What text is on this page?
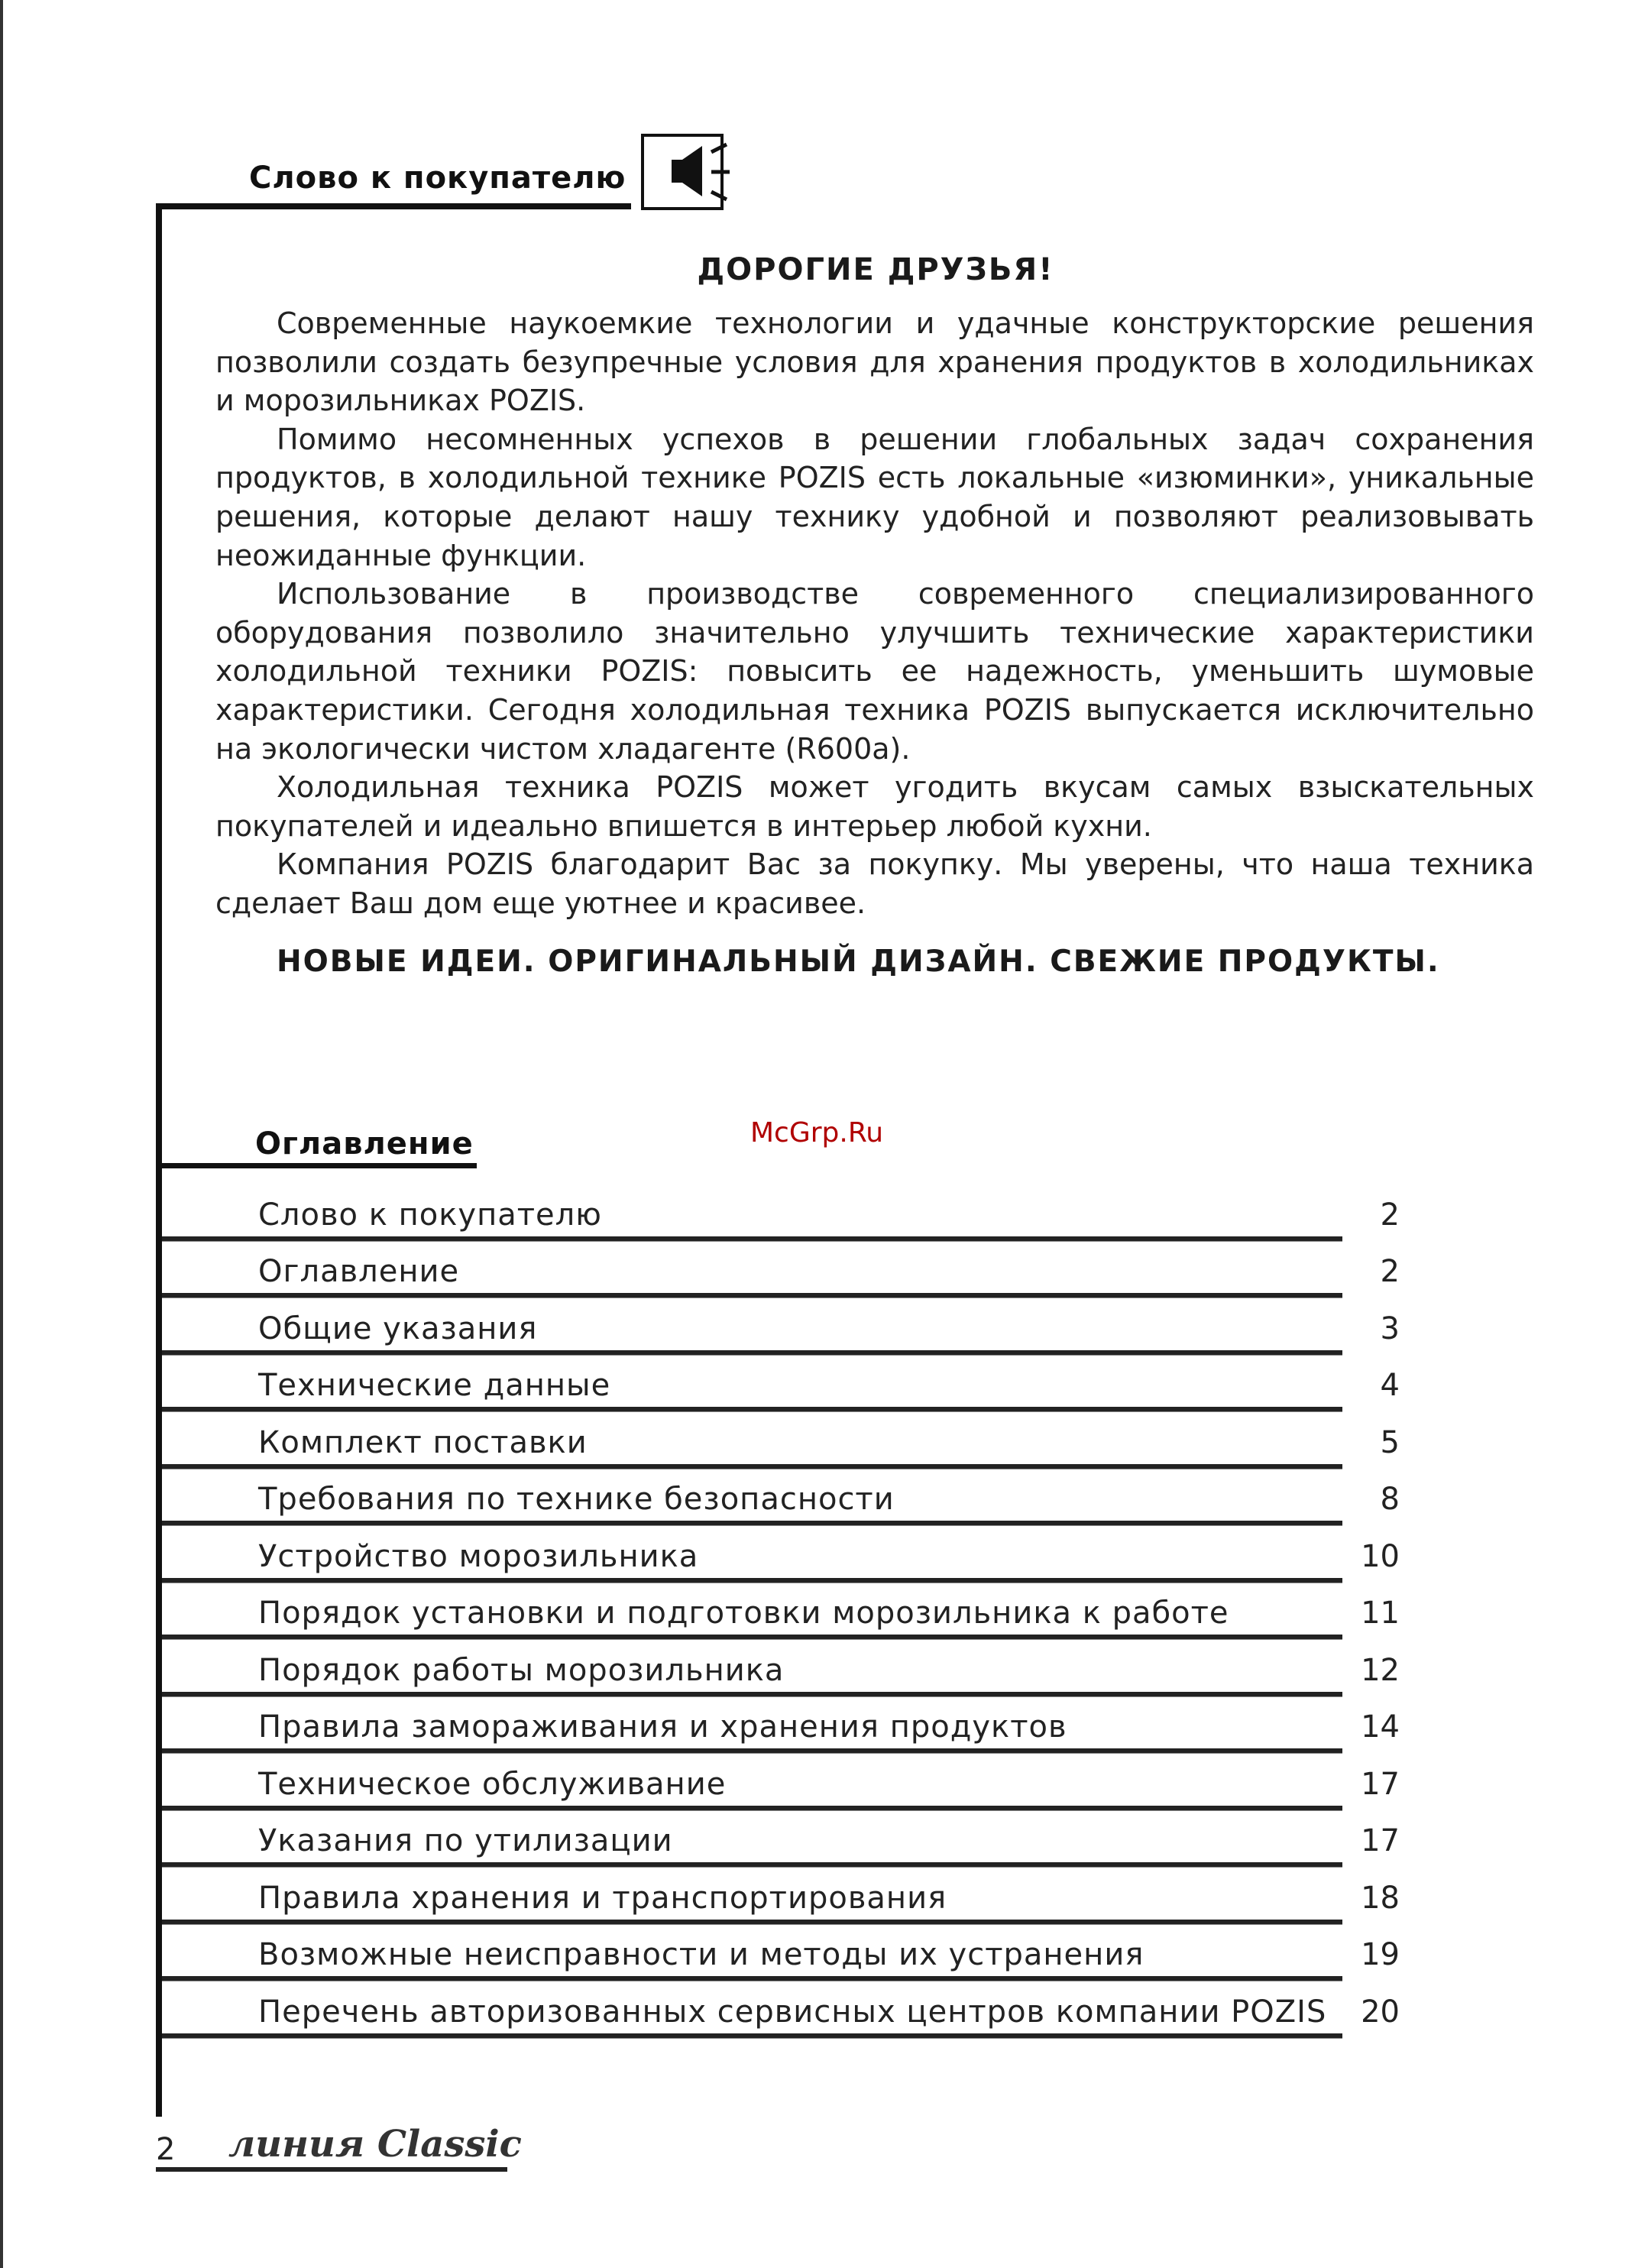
Слово к покупателю
ДОРОГИЕ ДРУЗЬЯ!

Современные наукоемкие технологии и удачные конструкторские решения позволили создать безупречные условия для хранения продуктов в холодильниках и морозильниках POZIS.

Помимо несомненных успехов в решении глобальных задач сохранения продуктов, в холодильной технике POZIS есть локальные «изюминки», уникальные решения, которые делают нашу технику удобной и позволяют реализовывать неожиданные функции.

Использование в производстве современного специализированного оборудования позволило значительно улучшить технические характеристики холодильной техники POZIS: повысить ее надежность, уменьшить шумовые характеристики. Сегодня холодильная техника POZIS выпускается исключительно на экологически чистом хладагенте (R600a).

Холодильная техника POZIS может угодить вкусам самых взыскательных покупателей и идеально впишется в интерьер любой кухни.

Компания POZIS благодарит Вас за покупку. Мы уверены, что наша техника сделает Ваш дом еще уютнее и красивее.

НОВЫЕ ИДЕИ. ОРИГИНАЛЬНЫЙ ДИЗАЙН. СВЕЖИЕ ПРОДУКТЫ.
Оглавление	McGrp.Ru
Слово к покупателю	2
Оглавление	2
Общие указания	3
Технические данные	4
Комплект поставки	5
Требования по технике безопасности	8
Устройство морозильника	10
Порядок установки и подготовки морозильника к работе	11
Порядок работы морозильника	12
Правила замораживания и хранения продуктов	14
Техническое обслуживание	17
Указания по утилизации	17
Правила хранения и транспортирования	18
Возможные неисправности и методы их устранения	19
Перечень авторизованных сервисных центров компании POZIS	20
2 линия Classic
